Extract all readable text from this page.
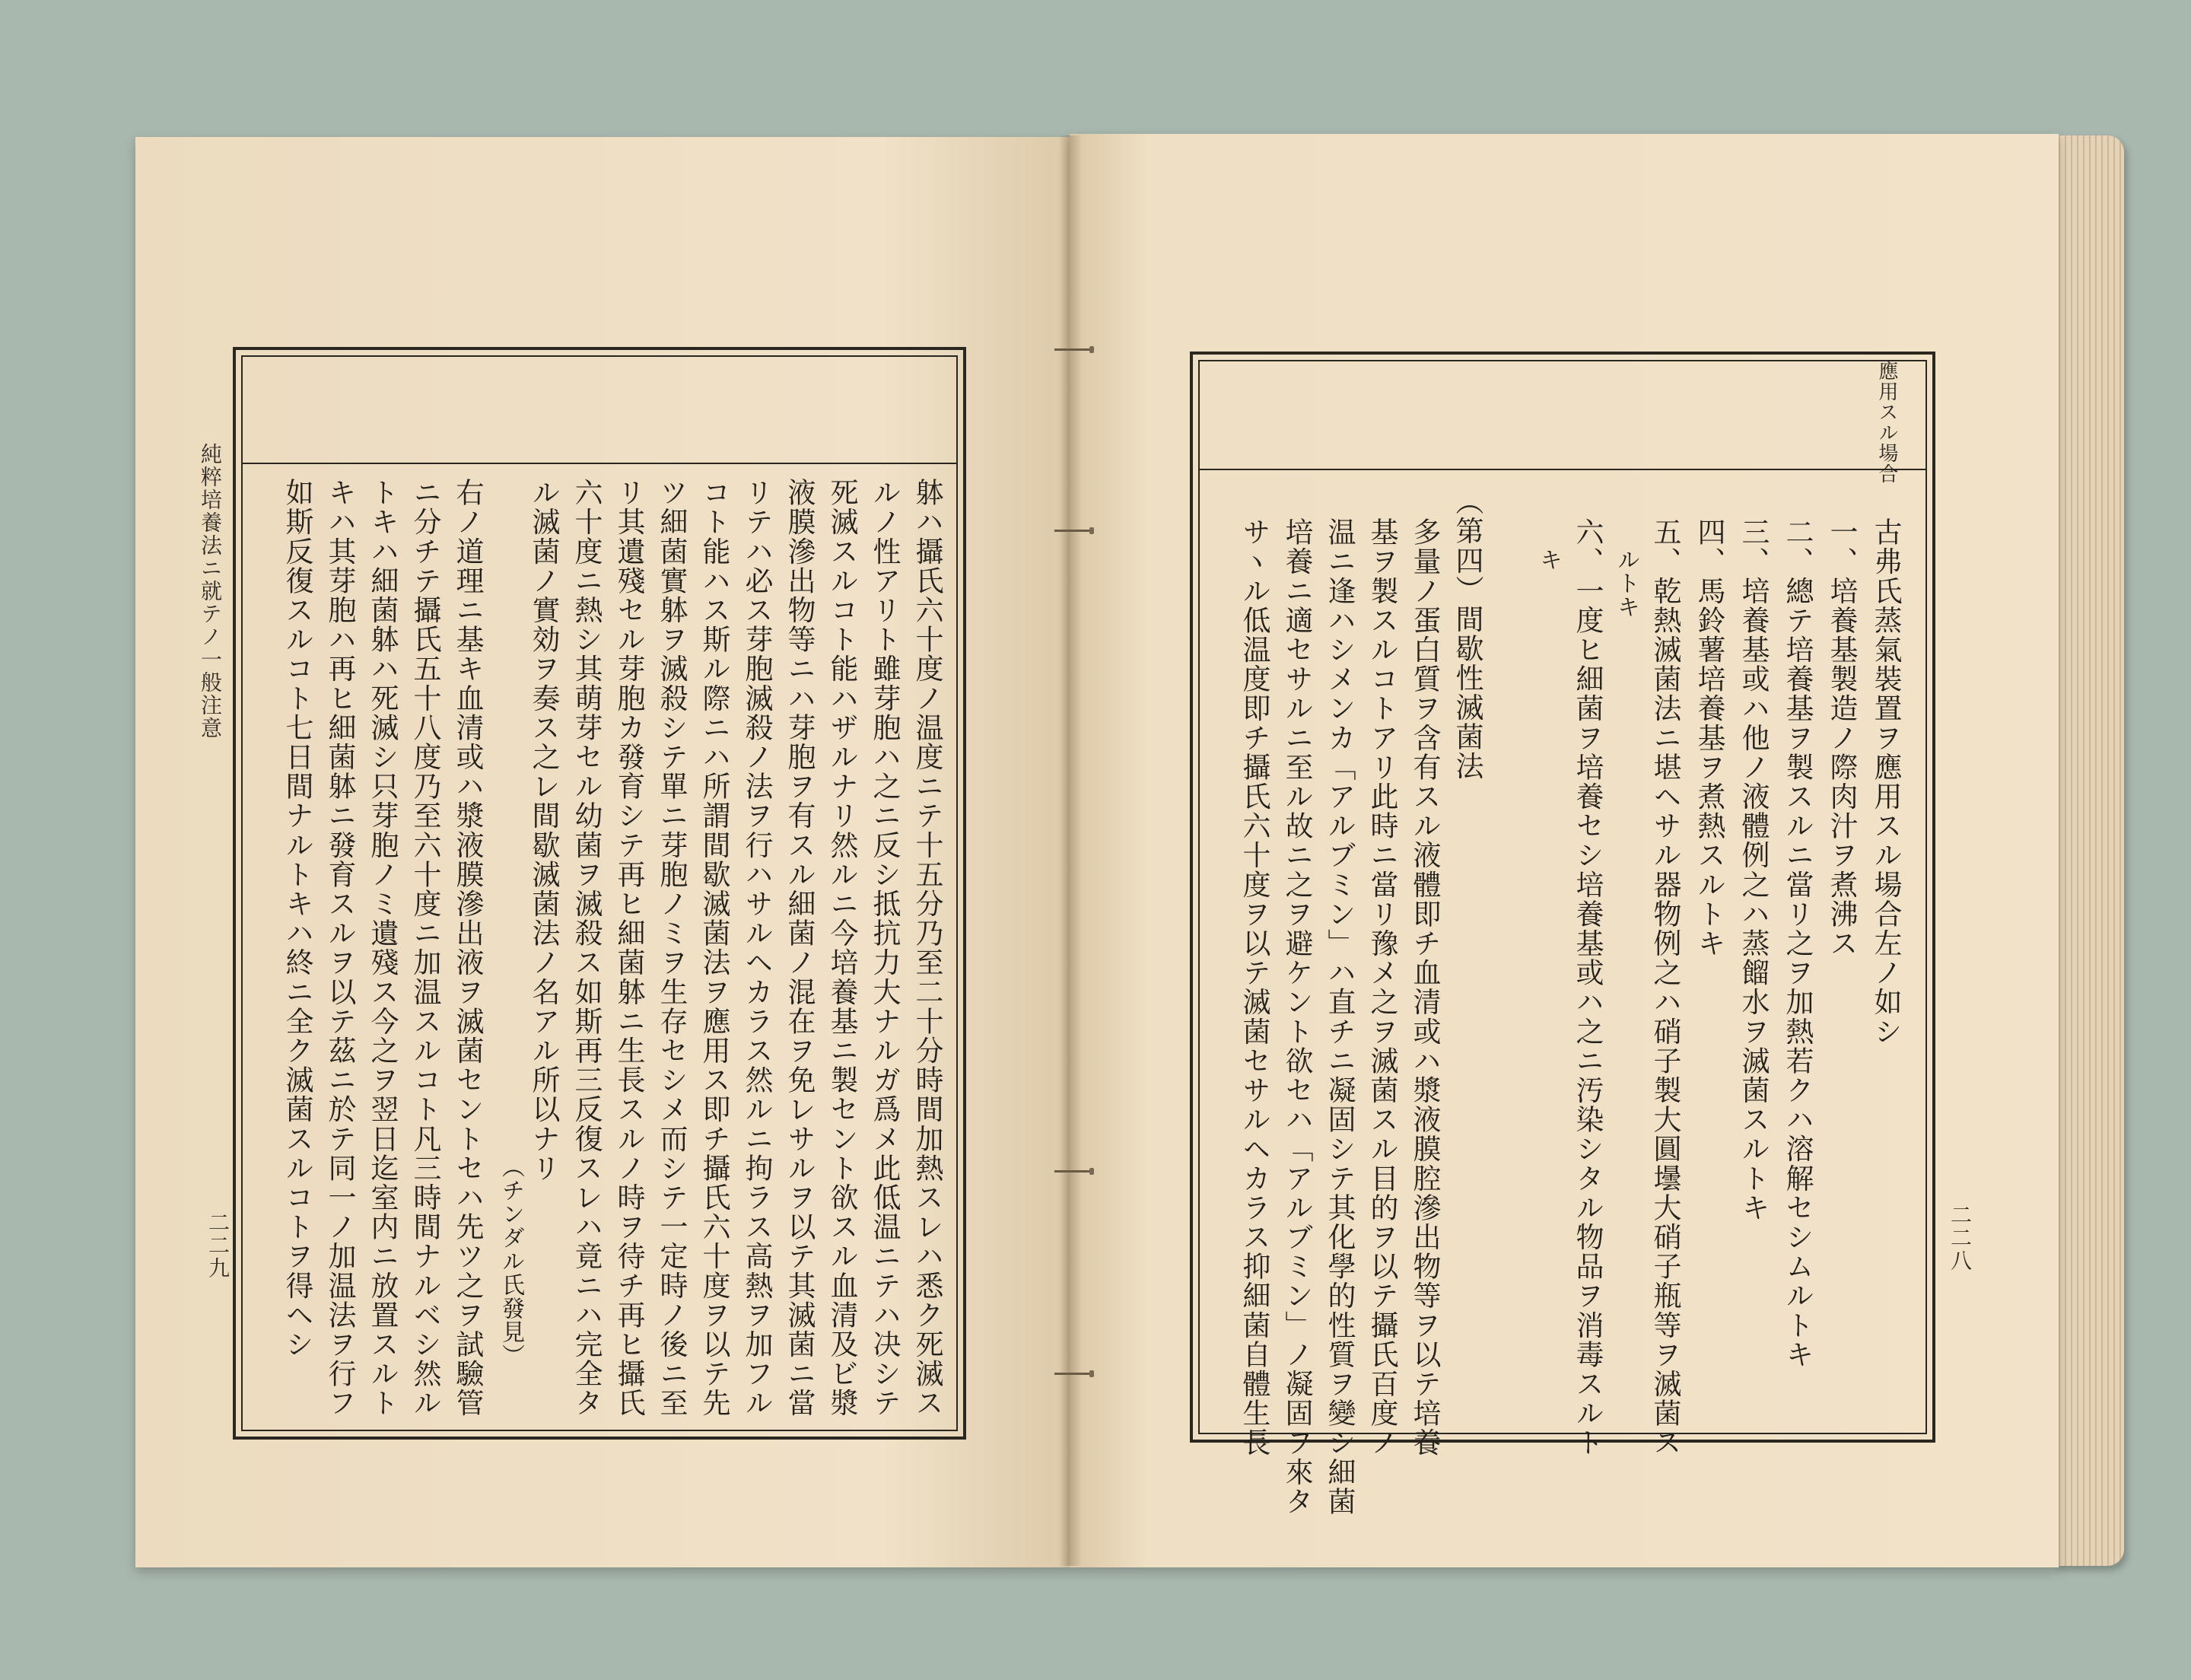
純粹培養法ニ就テノ一般注意
二二九	躰ハ攝氏六十度ノ温度ニテ十五分乃至二十分時間加熱スレハ悉ク死滅ス
ルノ性アリト雖芽胞ハ之ニ反シ抵抗力大ナルガ爲メ此低温ニテハ决シテ
死滅スルコト能ハザルナリ然ルニ今培養基ニ製セント欲スル血清及ビ漿
液膜滲出物等ニハ芽胞ヲ有スル細菌ノ混在ヲ免レサルヲ以テ其滅菌ニ當
リテハ必ス芽胞滅殺ノ法ヲ行ハサルヘカラス然ルニ拘ラス高熱ヲ加フル
コト能ハス斯ル際ニハ所謂間歇滅菌法ヲ應用ス即チ攝氏六十度ヲ以テ先
ツ細菌實躰ヲ滅殺シテ單ニ芽胞ノミヲ生存セシメ而シテ一定時ノ後ニ至
リ其遺殘セル芽胞カ發育シテ再ヒ細菌躰ニ生長スルノ時ヲ待チ再ヒ攝氏
六十度ニ熱シ其萌芽セル幼菌ヲ滅殺ス如斯再三反復スレハ竟ニハ完全タ
ル滅菌ノ實効ヲ奏ス之レ間歇滅菌法ノ名アル所以ナリ
（チンダル氏發見）
右ノ道理ニ基キ血清或ハ漿液膜滲出液ヲ滅菌セントセハ先ツ之ヲ試驗管
ニ分チテ攝氏五十八度乃至六十度ニ加温スルコト凡三時間ナルベシ然ル
トキハ細菌躰ハ死滅シ只芽胞ノミ遺殘ス今之ヲ翌日迄室内ニ放置スルト
キハ其芽胞ハ再ヒ細菌躰ニ發育スルヲ以テ茲ニ於テ同一ノ加温法ヲ行フ
如斯反復スルコト七日間ナルトキハ終ニ全ク滅菌スルコトヲ得ヘシ	二二八
應用スル場合
古弗氏蒸氣裝置ヲ應用スル場合左ノ如シ
一、培養基製造ノ際肉汁ヲ煮沸ス
二、總テ培養基ヲ製スルニ當リ之ヲ加熱若クハ溶解セシムルトキ
三、培養基或ハ他ノ液體例之ハ蒸餾水ヲ滅菌スルトキ
四、馬鈴薯培養基ヲ煮熱スルトキ
五、乾熱滅菌法ニ堪ヘサル器物例之ハ硝子製大圓壜大硝子瓶等ヲ滅菌ス
ルトキ
六、一度ヒ細菌ヲ培養セシ培養基或ハ之ニ汚染シタル物品ヲ消毒スルト
キ
（第四）間歇性滅菌法
多量ノ蛋白質ヲ含有スル液體即チ血清或ハ漿液膜腔滲出物等ヲ以テ培養
基ヲ製スルコトアリ此時ニ當リ豫メ之ヲ滅菌スル目的ヲ以テ攝氏百度ノ
温ニ逢ハシメンカ「アルブミン」ハ直チニ凝固シテ其化學的性質ヲ變シ細菌
培養ニ適セサルニ至ル故ニ之ヲ避ケント欲セハ「アルブミン」ノ凝固ヲ來タ
サヽル低温度即チ攝氏六十度ヲ以テ滅菌セサルヘカラス抑細菌自體生長
